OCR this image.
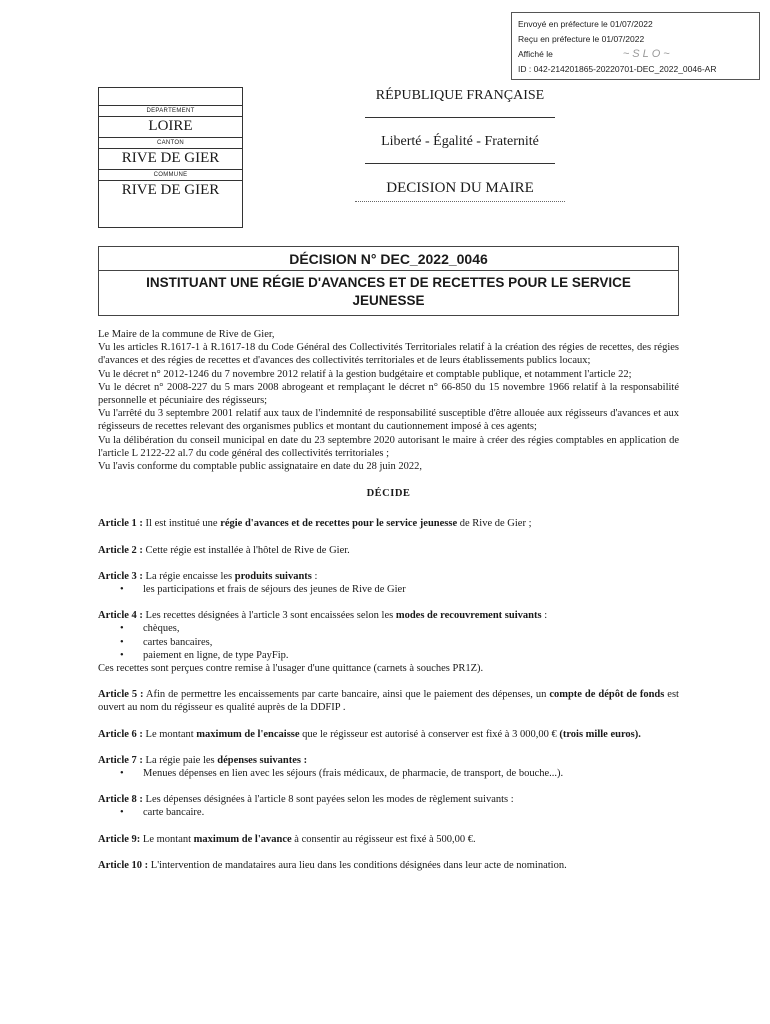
Envoyé en préfecture le 01/07/2022
Reçu en préfecture le 01/07/2022
Affiché le	~SLO~
ID : 042-214201865-20220701-DEC_2022_0046-AR
DEPARTEMENT
LOIRE
CANTON
RIVE DE GIER
COMMUNE
RIVE DE GIER
RÉPUBLIQUE FRANÇAISE
Liberté - Égalité - Fraternité
DECISION DU MAIRE
DÉCISION N° DEC_2022_0046
INSTITUANT UNE RÉGIE D'AVANCES ET DE RECETTES POUR LE SERVICE JEUNESSE

Le Maire de la commune de Rive de Gier,

Vu les articles R.1617-1 à R.1617-18 du Code Général des Collectivités Territoriales relatif à la création des régies de recettes, des régies d'avances et des régies de recettes et d'avances des collectivités territoriales et de leurs établissements publics locaux;

Vu le décret n° 2012-1246 du 7 novembre 2012 relatif à la gestion budgétaire et comptable publique, et notamment l'article 22;

Vu le décret n° 2008-227 du 5 mars 2008 abrogeant et remplaçant le décret n° 66-850 du 15 novembre 1966 relatif à la responsabilité personnelle et pécuniaire des régisseurs;

Vu l'arrêté du 3 septembre 2001 relatif aux taux de l'indemnité de responsabilité susceptible d'être allouée aux régisseurs d'avances et aux régisseurs de recettes relevant des organismes publics et montant du cautionnement imposé à ces agents;

Vu la délibération du conseil municipal en date du 23 septembre 2020 autorisant le maire à créer des régies comptables en application de l'article L 2122-22 al.7 du code général des collectivités territoriales ;

Vu l'avis conforme du comptable public assignataire en date du 28 juin 2022,

DÉCIDE

Article 1 : Il est institué une régie d'avances et de recettes pour le service jeunesse de Rive de Gier ;

Article 2 : Cette régie est installée à l'hôtel de Rive de Gier.

Article 3 : La régie encaisse les produits suivants :

• les participations et frais de séjours des jeunes de Rive de Gier

Article 4 : Les recettes désignées à l'article 3 sont encaissées selon les modes de recouvrement suivants :

• chèques,

• cartes bancaires,

• paiement en ligne, de type PayFip.

Ces recettes sont perçues contre remise à l'usager d'une quittance (carnets à souches PR1Z).

Article 5 : Afin de permettre les encaissements par carte bancaire, ainsi que le paiement des dépenses, un compte de dépôt de fonds est ouvert au nom du régisseur es qualité auprès de la DDFIP .

Article 6 : Le montant maximum de l'encaisse que le régisseur est autorisé à conserver est fixé à 3 000,00 € (trois mille euros).

Article 7 : La régie paie les dépenses suivantes :

• Menues dépenses en lien avec les séjours (frais médicaux, de pharmacie, de transport, de bouche...).

Article 8 : Les dépenses désignées à l'article 8 sont payées selon les modes de règlement suivants :

• carte bancaire.

Article 9: Le montant maximum de l'avance à consentir au régisseur est fixé à 500,00 €.

Article 10 : L'intervention de mandataires aura lieu dans les conditions désignées dans leur acte de nomination.
